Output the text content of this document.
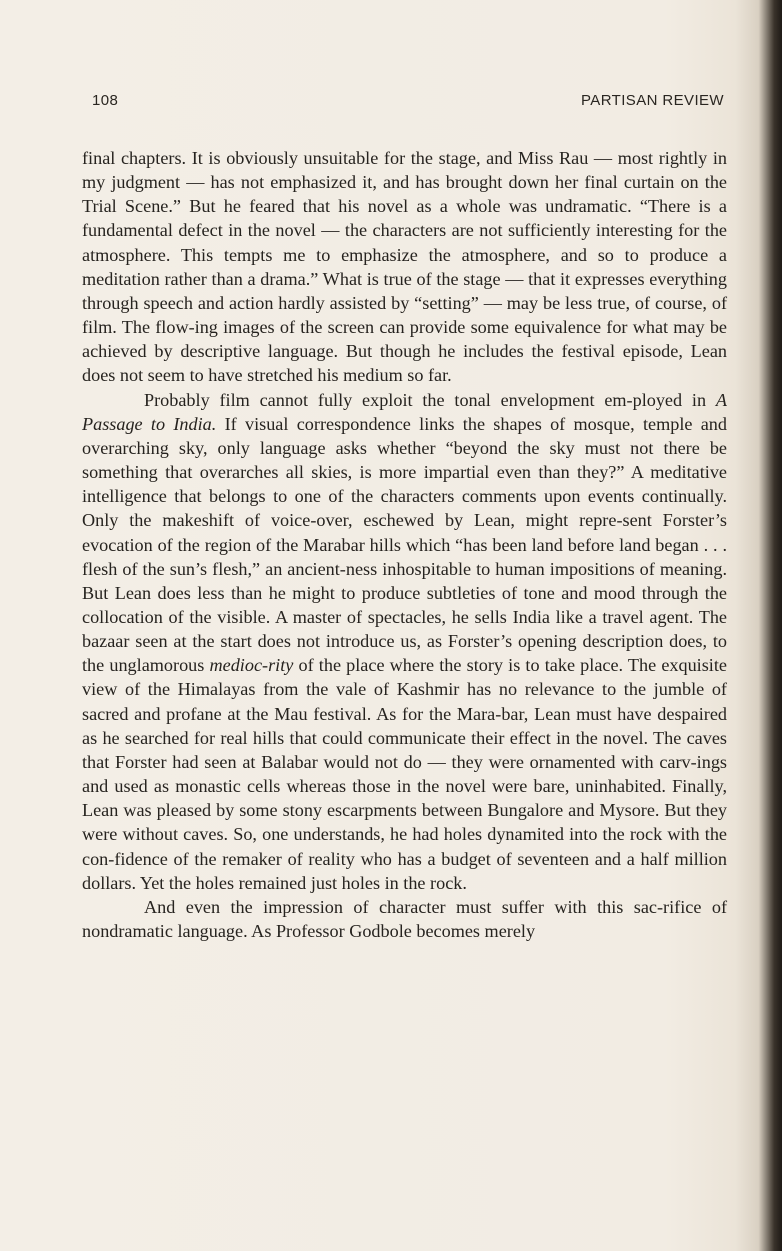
108	PARTISAN REVIEW

final chapters. It is obviously unsuitable for the stage, and Miss Rau — most rightly in my judgment — has not emphasized it, and has brought down her final curtain on the Trial Scene.” But he feared that his novel as a whole was undramatic. “There is a fundamental defect in the novel — the characters are not sufficiently interesting for the atmosphere. This tempts me to emphasize the atmosphere, and so to produce a meditation rather than a drama.” What is true of the stage — that it expresses everything through speech and action hardly assisted by “setting” — may be less true, of course, of film. The flow-ing images of the screen can provide some equivalence for what may be achieved by descriptive language. But though he includes the festival episode, Lean does not seem to have stretched his medium so far.

Probably film cannot fully exploit the tonal envelopment em-ployed in A Passage to India. If visual correspondence links the shapes of mosque, temple and overarching sky, only language asks whether “beyond the sky must not there be something that overarches all skies, is more impartial even than they?” A meditative intelligence that belongs to one of the characters comments upon events continually. Only the makeshift of voice-over, eschewed by Lean, might repre-sent Forster’s evocation of the region of the Marabar hills which “has been land before land began . . . flesh of the sun’s flesh,” an ancient-ness inhospitable to human impositions of meaning. But Lean does less than he might to produce subtleties of tone and mood through the collocation of the visible. A master of spectacles, he sells India like a travel agent. The bazaar seen at the start does not introduce us, as Forster’s opening description does, to the unglamorous medioc-rity of the place where the story is to take place. The exquisite view of the Himalayas from the vale of Kashmir has no relevance to the jumble of sacred and profane at the Mau festival. As for the Mara-bar, Lean must have despaired as he searched for real hills that could communicate their effect in the novel. The caves that Forster had seen at Balabar would not do — they were ornamented with carv-ings and used as monastic cells whereas those in the novel were bare, uninhabited. Finally, Lean was pleased by some stony escarpments between Bungalore and Mysore. But they were without caves. So, one understands, he had holes dynamited into the rock with the con-fidence of the remaker of reality who has a budget of seventeen and a half million dollars. Yet the holes remained just holes in the rock.

And even the impression of character must suffer with this sac-rifice of nondramatic language. As Professor Godbole becomes merely
